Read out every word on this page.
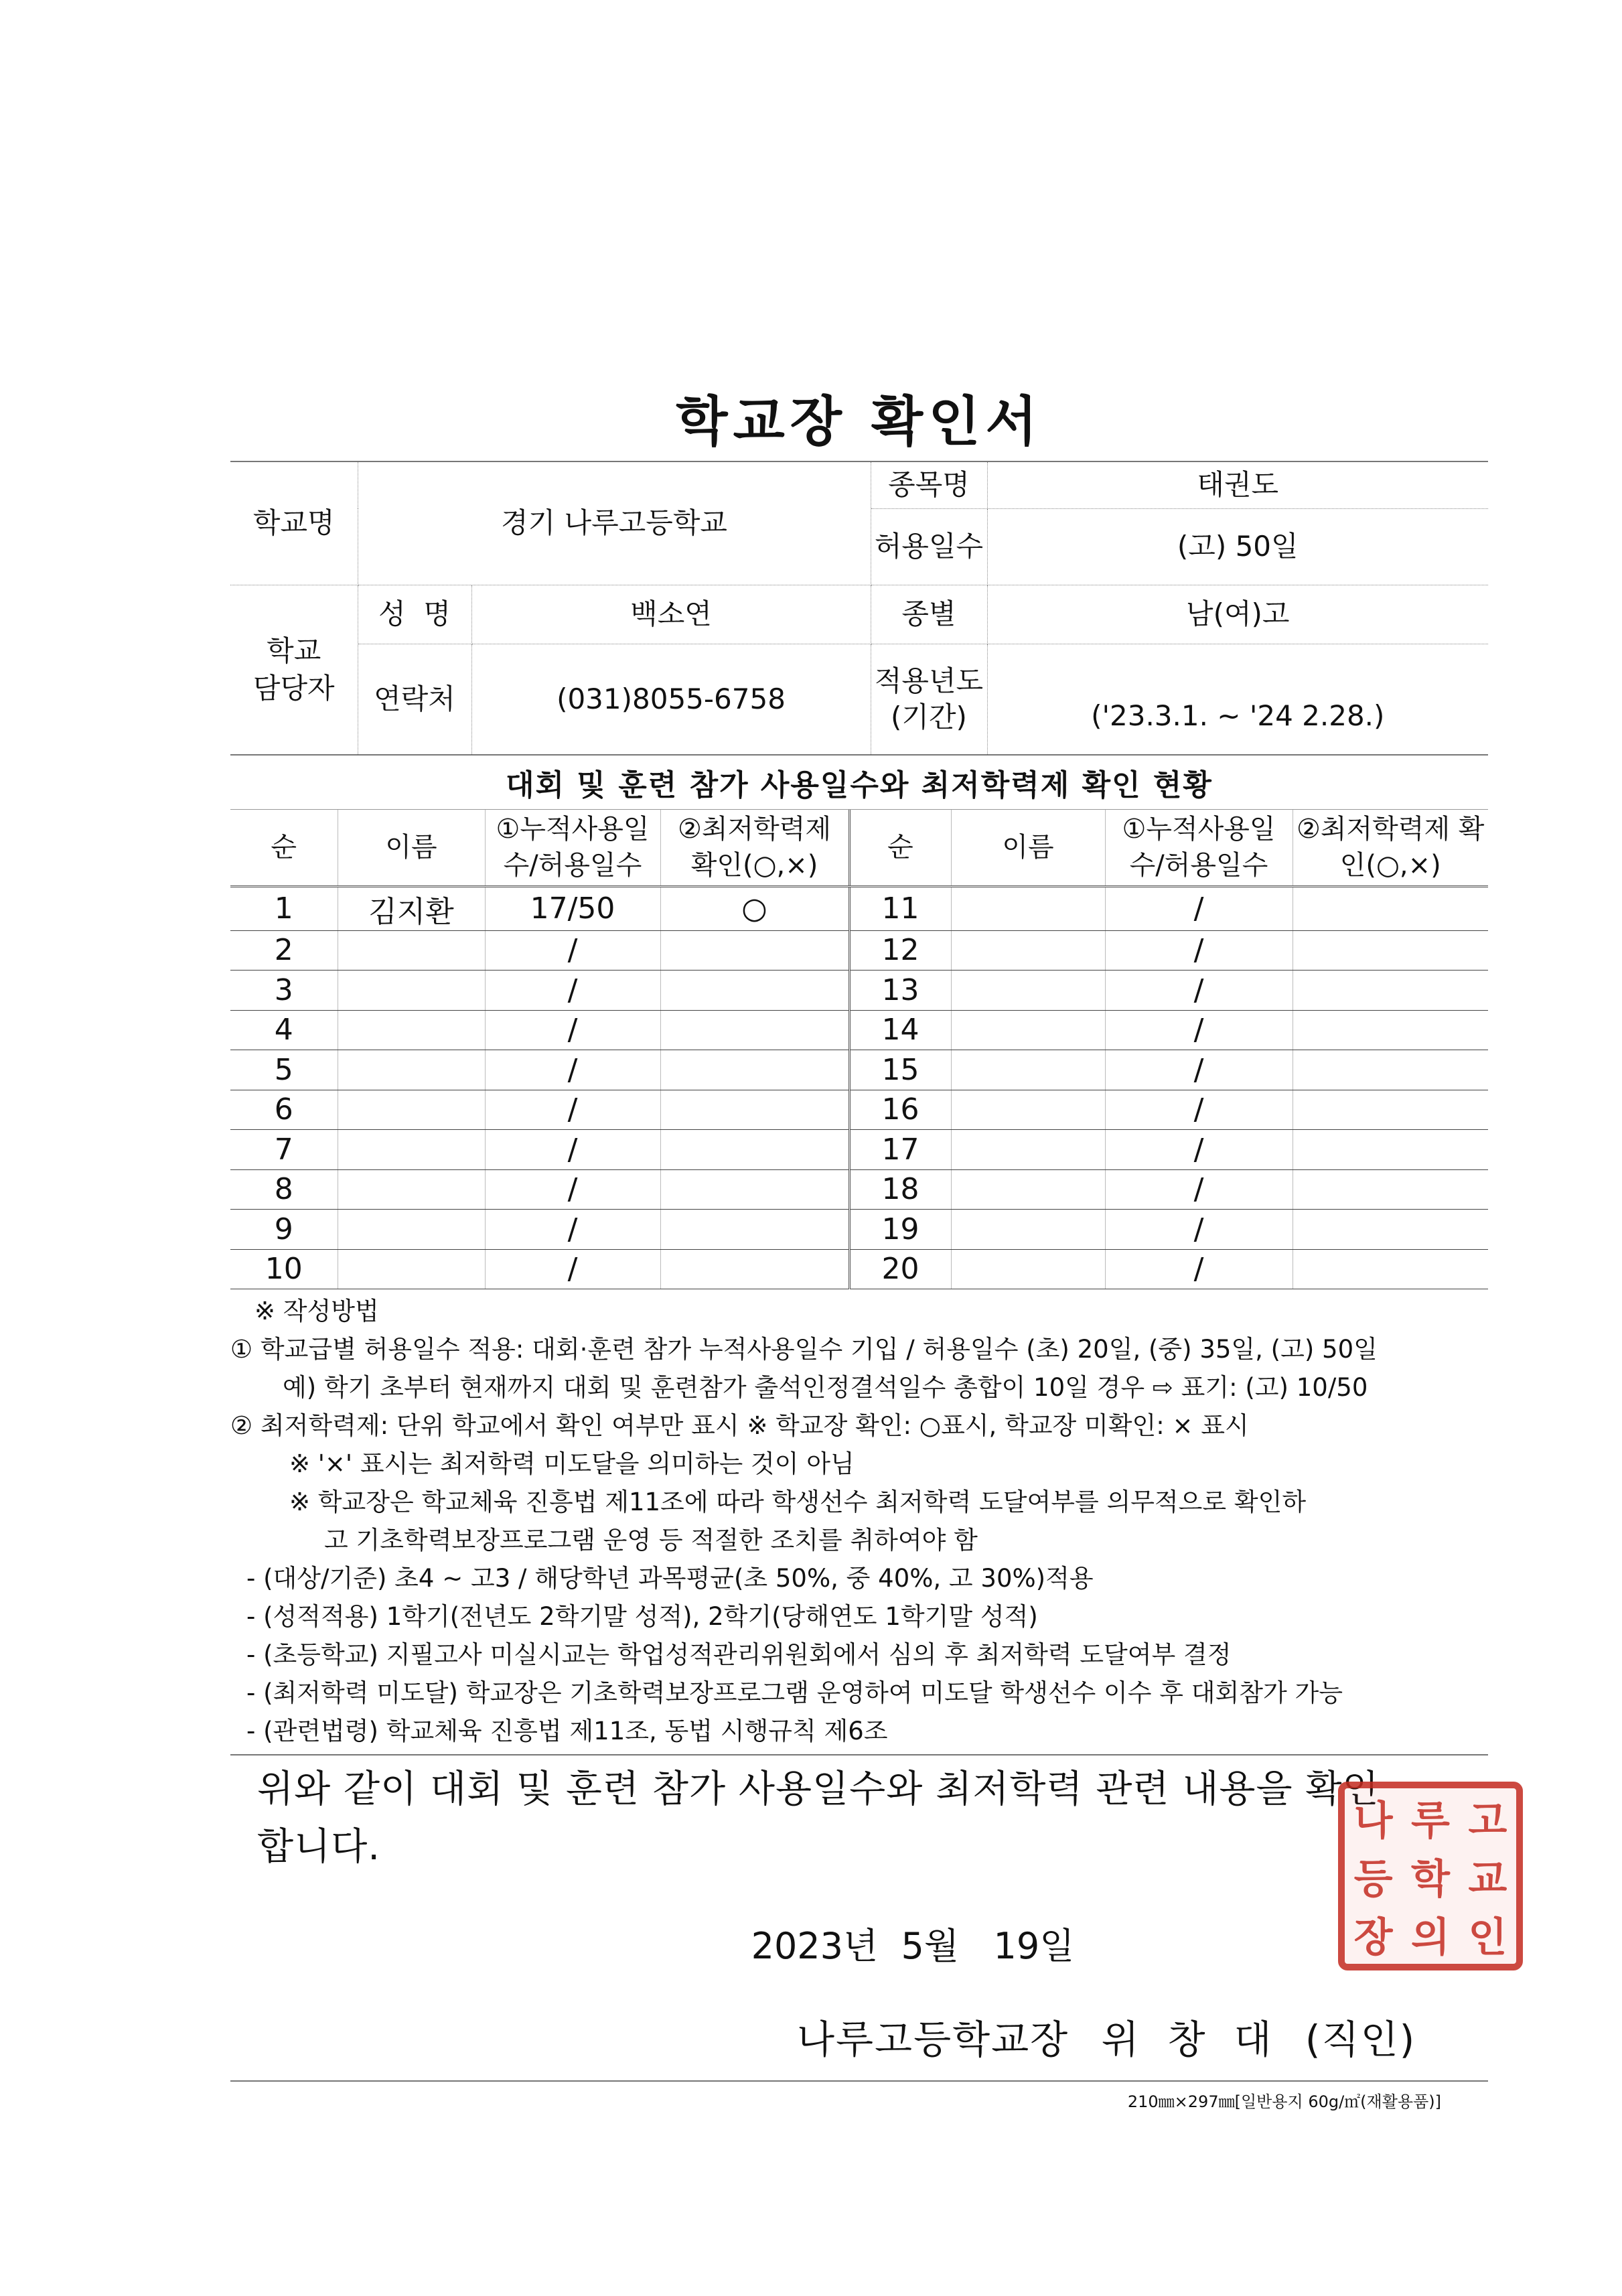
학교장 확인서
학교명	경기 나루고등학교		종목명	태권도
			허용일수	(고) 50일
학교
담당자	성  명	백소연	종별	남(여)고
	연락처	(031)8055-6758	적용년도
(기간)	('23.3.1. ~ '24 2.28.)
대회 및 훈련 참가 사용일수와 최저학력제 확인 현황
순	이름	①누적사용일수/허용일수	②최저학력제 확인(○,×)	순	이름	①누적사용일수/허용일수	②최저학력제 확인(○,×)
1	김지환	17/50	○	11		/	
2		/		12		/	
3		/		13		/	
4		/		14		/	
5		/		15		/	
6		/		16		/	
7		/		17		/	
8		/		18		/	
9		/		19		/	
10		/		20		/	
※ 작성방법
① 학교급별 허용일수 적용: 대회·훈련 참가 누적사용일수 기입 / 허용일수 (초) 20일, (중) 35일, (고) 50일
예) 학기 초부터 현재까지 대회 및 훈련참가 출석인정결석일수 총합이 10일 경우 ⇨ 표기: (고) 10/50
② 최저학력제: 단위 학교에서 확인 여부만 표시 ※ 학교장 확인: ○표시, 학교장 미확인: × 표시
※ '×' 표시는 최저학력 미도달을 의미하는 것이 아님
※ 학교장은 학교체육 진흥법 제11조에 따라 학생선수 최저학력 도달여부를 의무적으로 확인하
고 기초학력보장프로그램 운영 등 적절한 조치를 취하여야 함
- (대상/기준) 초4 ~ 고3 / 해당학년 과목평균(초 50%, 중 40%, 고 30%)적용
- (성적적용) 1학기(전년도 2학기말 성적), 2학기(당해연도 1학기말 성적)
- (초등학교) 지필고사 미실시교는 학업성적관리위원회에서 심의 후 최저학력 도달여부 결정
- (최저학력 미도달) 학교장은 기초학력보장프로그램 운영하여 미도달 학생선수 이수 후 대회참가 가능
- (관련법령) 학교체육 진흥법 제11조, 동법 시행규칙 제6조
위와 같이 대회 및 훈련 참가 사용일수와 최저학력 관련 내용을 확인
합니다.
2023년  5월   19일
나루고등학교장 위  창  대 (직인)
210㎜×297㎜[일반용지 60g/㎡(재활용품)]
나 루 고
등 학 교
장 의 인
